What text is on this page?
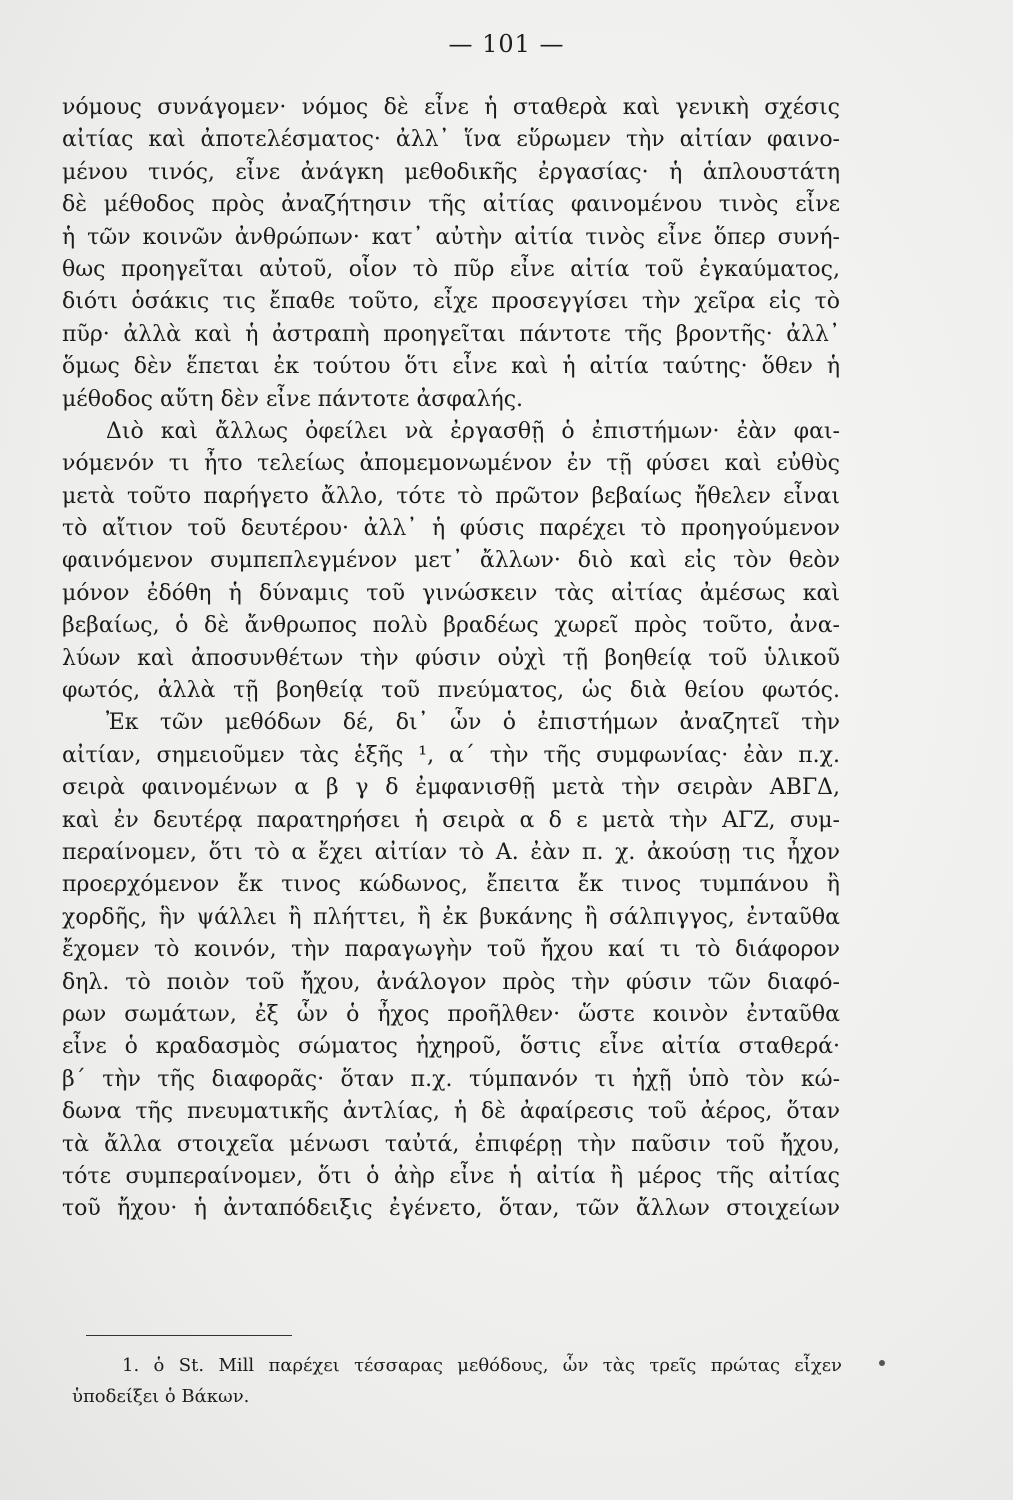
— 101 —
νόμους συνάγομεν· νόμος δὲ εἶνε ἡ σταθερὰ καὶ γενικὴ σχέσις
αἰτίας καὶ ἀποτελέσματος· ἀλλ᾽ ἵνα εὕρωμεν τὴν αἰτίαν φαινο-
μένου τινός, εἶνε ἀνάγκη μεθοδικῆς ἐργασίας· ἡ ἁπλουστάτη
δὲ μέθοδος πρὸς ἀναζήτησιν τῆς αἰτίας φαινομένου τινὸς εἶνε
ἡ τῶν κοινῶν ἀνθρώπων· κατ᾽ αὐτὴν αἰτία τινὸς εἶνε ὅπερ συνή-
θως προηγεῖται αὐτοῦ, οἷον τὸ πῦρ εἶνε αἰτία τοῦ ἐγκαύματος,
διότι ὁσάκις τις ἔπαθε τοῦτο, εἶχε προσεγγίσει τὴν χεῖρα εἰς τὸ
πῦρ· ἀλλὰ καὶ ἡ ἀστραπὴ προηγεῖται πάντοτε τῆς βροντῆς· ἀλλ᾽
ὅμως δὲν ἕπεται ἐκ τούτου ὅτι εἶνε καὶ ἡ αἰτία ταύτης· ὅθεν ἡ
μέθοδος αὕτη δὲν εἶνε πάντοτε ἀσφαλής.
Διὸ καὶ ἄλλως ὀφείλει νὰ ἐργασθῇ ὁ ἐπιστήμων· ἐὰν φαι-
νόμενόν τι ἦτο τελείως ἀπομεμονωμένον ἐν τῇ φύσει καὶ εὐθὺς
μετὰ τοῦτο παρήγετο ἄλλο, τότε τὸ πρῶτον βεβαίως ἤθελεν εἶναι
τὸ αἴτιον τοῦ δευτέρου· ἀλλ᾽ ἡ φύσις παρέχει τὸ προηγούμενον
φαινόμενον συμπεπλεγμένον μετ᾽ ἄλλων· διὸ καὶ εἰς τὸν θεὸν
μόνον ἐδόθη ἡ δύναμις τοῦ γινώσκειν τὰς αἰτίας ἀμέσως καὶ
βεβαίως, ὁ δὲ ἄνθρωπος πολὺ βραδέως χωρεῖ πρὸς τοῦτο, ἀνα-
λύων καὶ ἀποσυνθέτων τὴν φύσιν οὐχὶ τῇ βοηθείᾳ τοῦ ὑλικοῦ
φωτός, ἀλλὰ τῇ βοηθείᾳ τοῦ πνεύματος, ὡς διὰ θείου φωτός.
Ἐκ τῶν μεθόδων δέ, δι᾽ ὧν ὁ ἐπιστήμων ἀναζητεῖ τὴν
αἰτίαν, σημειοῦμεν τὰς ἑξῆς ¹, α΄ τὴν τῆς συμφωνίας· ἐὰν π.χ.
σειρὰ φαινομένων α β γ δ ἐμφανισθῇ μετὰ τὴν σειρὰν ΑΒΓΔ,
καὶ ἐν δευτέρᾳ παρατηρήσει ἡ σειρὰ α δ ε μετὰ τὴν ΑΓΖ, συμ-
περαίνομεν, ὅτι τὸ α ἔχει αἰτίαν τὸ Α. ἐὰν π. χ. ἀκούσῃ τις ἦχον
προερχόμενον ἔκ τινος κώδωνος, ἔπειτα ἔκ τινος τυμπάνου ἢ
χορδῆς, ἣν ψάλλει ἢ πλήττει, ἢ ἐκ βυκάνης ἢ σάλπιγγος, ἐνταῦθα
ἔχομεν τὸ κοινόν, τὴν παραγωγὴν τοῦ ἤχου καί τι τὸ διάφορον
δηλ. τὸ ποιὸν τοῦ ἤχου, ἀνάλογον πρὸς τὴν φύσιν τῶν διαφό-
ρων σωμάτων, ἐξ ὧν ὁ ἦχος προῆλθεν· ὥστε κοινὸν ἐνταῦθα
εἶνε ὁ κραδασμὸς σώματος ἠχηροῦ, ὅστις εἶνε αἰτία σταθερά·
β΄ τὴν τῆς διαφορᾶς· ὅταν π.χ. τύμπανόν τι ἠχῇ ὑπὸ τὸν κώ-
δωνα τῆς πνευματικῆς ἀντλίας, ἡ δὲ ἀφαίρεσις τοῦ ἀέρος, ὅταν
τὰ ἄλλα στοιχεῖα μένωσι ταὐτά, ἐπιφέρῃ τὴν παῦσιν τοῦ ἤχου,
τότε συμπεραίνομεν, ὅτι ὁ ἀὴρ εἶνε ἡ αἰτία ἢ μέρος τῆς αἰτίας
τοῦ ἤχου· ἡ ἀνταπόδειξις ἐγένετο, ὅταν, τῶν ἄλλων στοιχείων
1. ὁ St. Mill παρέχει τέσσαρας μεθόδους, ὧν τὰς τρεῖς πρώτας εἶχεν
ὑποδείξει ὁ Βάκων.
